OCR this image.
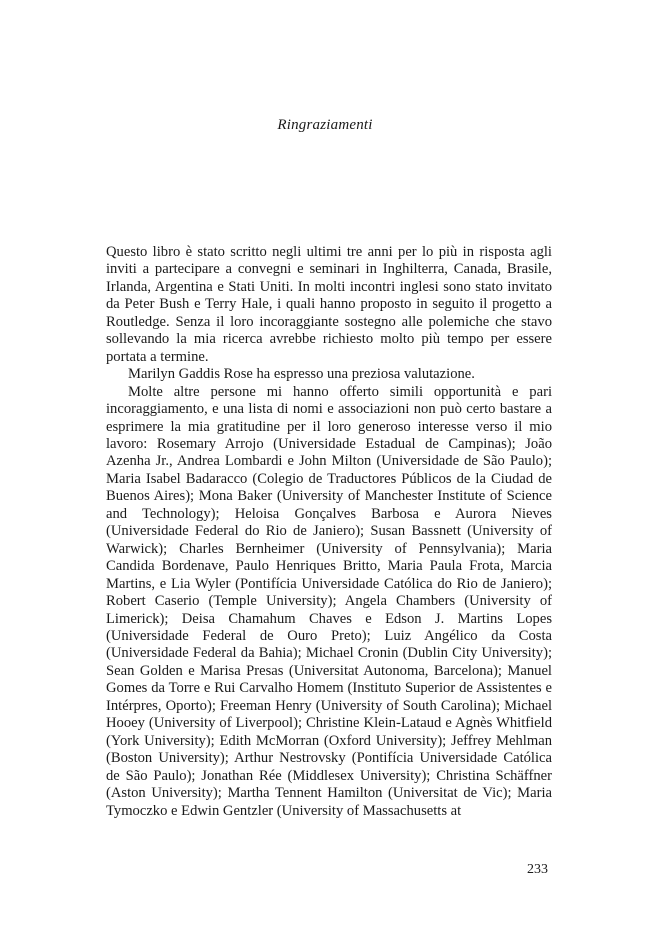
Ringraziamenti

Questo libro è stato scritto negli ultimi tre anni per lo più in risposta agli inviti a partecipare a convegni e seminari in Inghilterra, Canada, Brasile, Irlanda, Argentina e Stati Uniti. In molti incontri inglesi sono stato invitato da Peter Bush e Terry Hale, i quali hanno proposto in seguito il progetto a Routledge. Senza il loro incoraggiante sostegno alle polemiche che stavo sollevando la mia ricerca avrebbe richiesto molto più tempo per essere portata a termine.

Marilyn Gaddis Rose ha espresso una preziosa valutazione.

Molte altre persone mi hanno offerto simili opportunità e pari incoraggiamento, e una lista di nomi e associazioni non può certo bastare a esprimere la mia gratitudine per il loro generoso interesse verso il mio lavoro: Rosemary Arrojo (Universidade Estadual de Campinas); João Azenha Jr., Andrea Lombardi e John Milton (Universidade de São Paulo); Maria Isabel Badaracco (Colegio de Traductores Públicos de la Ciudad de Buenos Aires); Mona Baker (University of Manchester Institute of Science and Technology); Heloisa Gonçalves Barbosa e Aurora Nieves (Universidade Federal do Rio de Janiero); Susan Bassnett (University of Warwick); Charles Bernheimer (University of Pennsylvania); Maria Candida Bordenave, Paulo Henriques Britto, Maria Paula Frota, Marcia Martins, e Lia Wyler (Pontifícia Universidade Católica do Rio de Janiero); Robert Caserio (Temple University); Angela Chambers (University of Limerick); Deisa Chamahum Chaves e Edson J. Martins Lopes (Universidade Federal de Ouro Preto); Luiz Angélico da Costa (Universidade Federal da Bahia); Michael Cronin (Dublin City University); Sean Golden e Marisa Presas (Universitat Autonoma, Barcelona); Manuel Gomes da Torre e Rui Carvalho Homem (Instituto Superior de Assistentes e Intérpres, Oporto); Freeman Henry (University of South Carolina); Michael Hooey (University of Liverpool); Christine Klein-Lataud e Agnès Whitfield (York University); Edith McMorran (Oxford University); Jeffrey Mehlman (Boston University); Arthur Nestrovsky (Pontifícia Universidade Católica de São Paulo); Jonathan Rée (Middlesex University); Christina Schäffner (Aston University); Martha Tennent Hamilton (Universitat de Vic); Maria Tymoczko e Edwin Gentzler (University of Massachusetts at

233
